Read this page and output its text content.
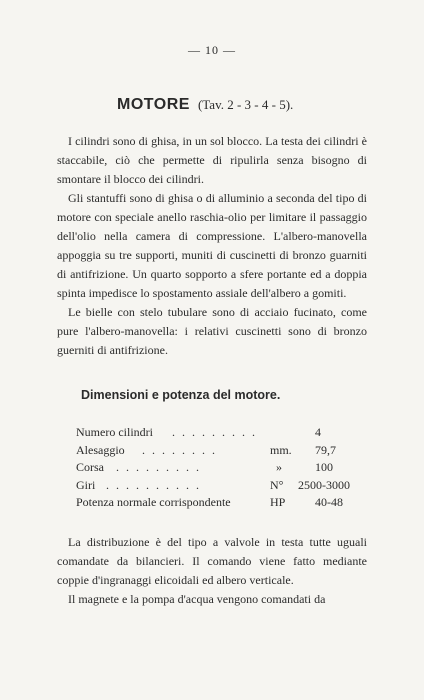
— 10 —
MOTORE (Tav. 2 - 3 - 4 - 5).

I cilindri sono di ghisa, in un sol blocco. La testa dei cilindri è staccabile, ciò che permette di ripulirla senza bisogno di smontare il blocco dei cilindri.

Gli stantuffi sono di ghisa o di alluminio a seconda del tipo di motore con speciale anello raschia-olio per limitare il passaggio dell'olio nella camera di compressione. L'albero-manovella appoggia su tre supporti, muniti di cuscinetti di bronzo guarniti di antifrizione. Un quarto sopporto a sfere portante ed a doppia spinta impedisce lo spostamento assiale dell'albero a gomiti.

Le bielle con stelo tubulare sono di acciaio fucinato, come pure l'albero-manovella: i relativi cuscinetti sono di bronzo guerniti di antifrizione.

Dimensioni e potenza del motore.
Numero cilindri . . . . . . . . .	4
Alesaggio . . . . . . . .	mm. 79,7
Corsa . . . . . . . . .	»	100
Giri . . . . . . . . . .	N° 2500-3000
Potenza normale corrispondente	HP 40-48

La distribuzione è del tipo a valvole in testa tutte uguali comandate da bilancieri. Il comando viene fatto mediante coppie d'ingranaggi elicoidali ed albero verticale.

Il magnete e la pompa d'acqua vengono comandati da
